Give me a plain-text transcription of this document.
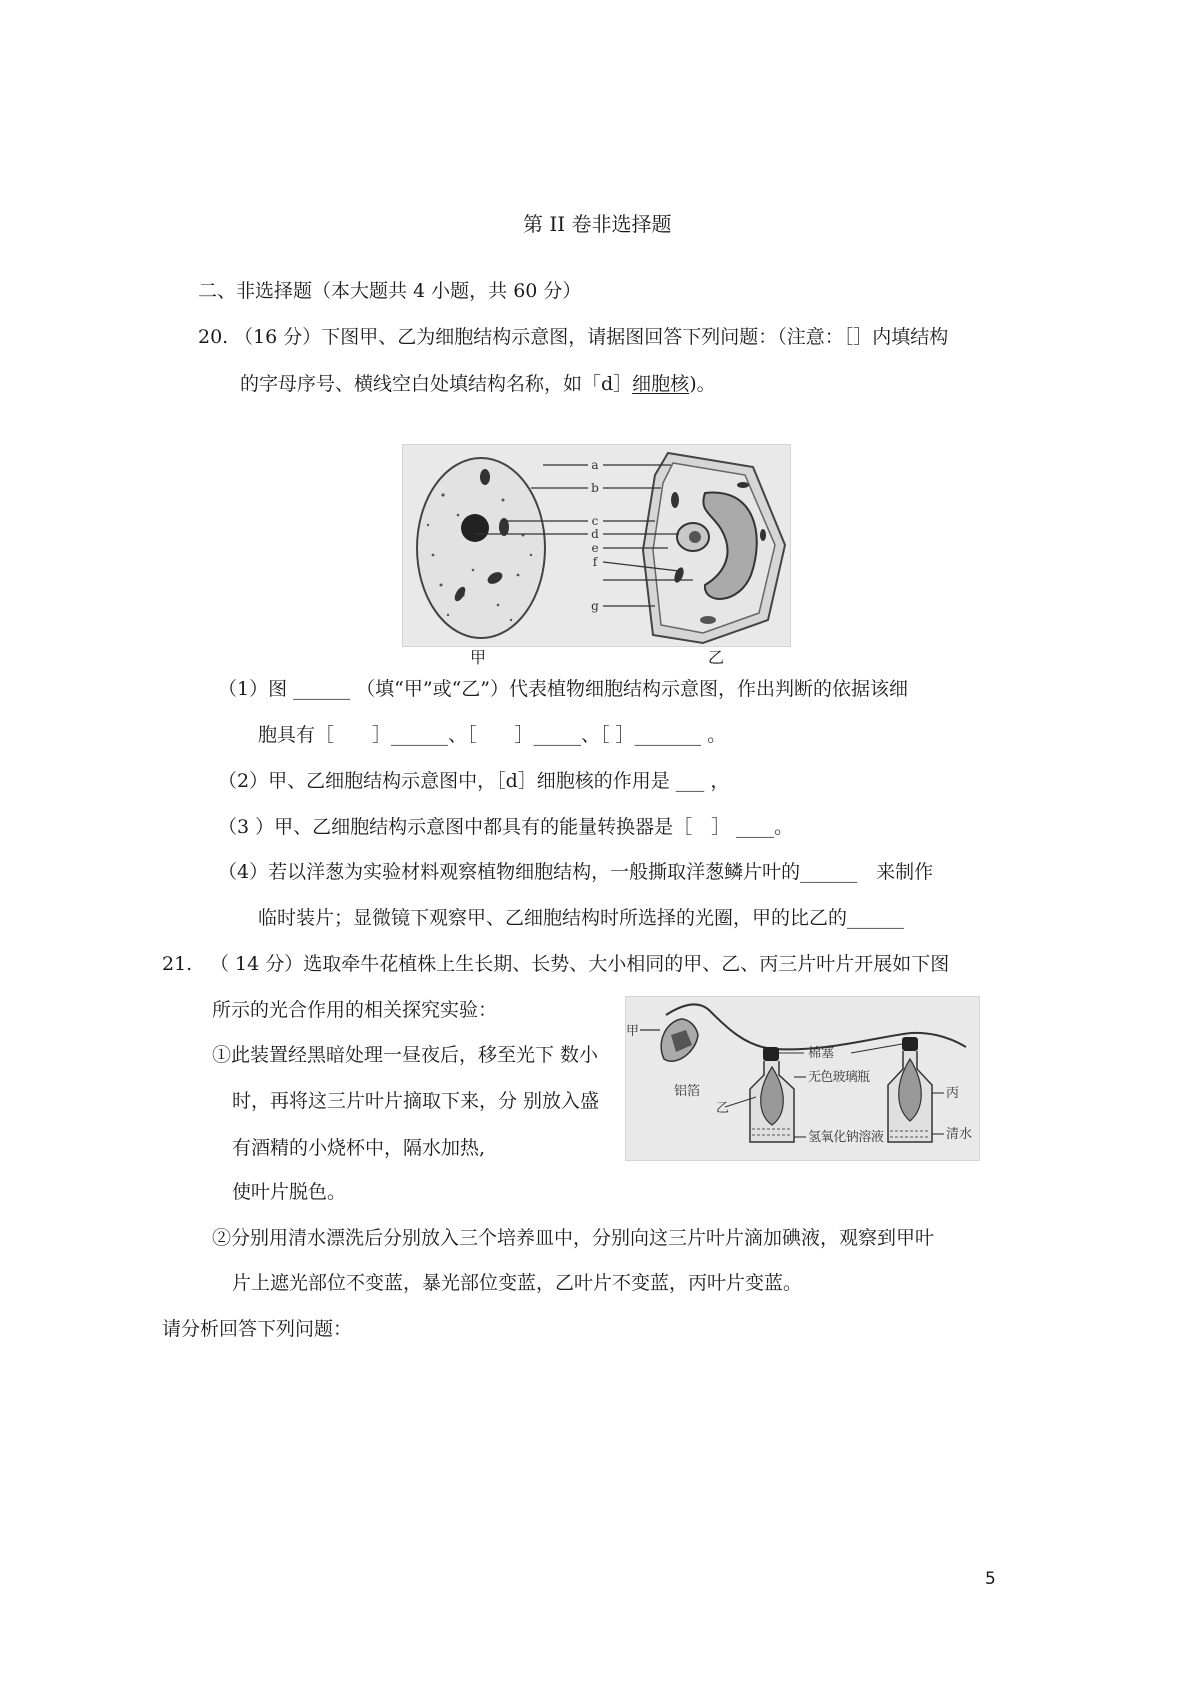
第 II 卷非选择题
二、非选择题（本大题共 4 小题，共 60 分）
20. （16 分）下图甲、乙为细胞结构示意图，请据图回答下列问题：（注意：［］内填结构
的字母序号、横线空白处填结构名称，如「d］细胞核)。
a
b
c
d
e
f
g
甲	乙
（1）图 ______ （填“甲”或“乙”）代表植物细胞结构示意图，作出判断的依据该细
胞具有［　　］______、［　　］_____、［ ］_______ 。
（2）甲、乙细胞结构示意图中，［d］细胞核的作用是 ___ ，
（3 ）甲、乙细胞结构示意图中都具有的能量转换器是［　］ ____。
（4）若以洋葱为实验材料观察植物细胞结构，一般撕取洋葱鳞片叶的______　来制作
临时装片；显微镜下观察甲、乙细胞结构时所选择的光圈，甲的比乙的______
21. （ 14 分）选取牵牛花植株上生长期、长势、大小相同的甲、乙、丙三片叶片开展如下图
所示的光合作用的相关探究实验：
①此装置经黑暗处理一昼夜后，移至光下 数小
时，再将这三片叶片摘取下来，分 别放入盛
有酒精的小烧杯中，隔水加热,
使叶片脱色。
甲
铝箔
乙
棉塞
无色玻璃瓶
丙
氢氧化钠溶液	清水
②分别用清水漂洗后分别放入三个培养皿中，分别向这三片叶片滴加碘液，观察到甲叶
片上遮光部位不变蓝，暴光部位变蓝，乙叶片不变蓝，丙叶片变蓝。
请分析回答下列问题：
5
